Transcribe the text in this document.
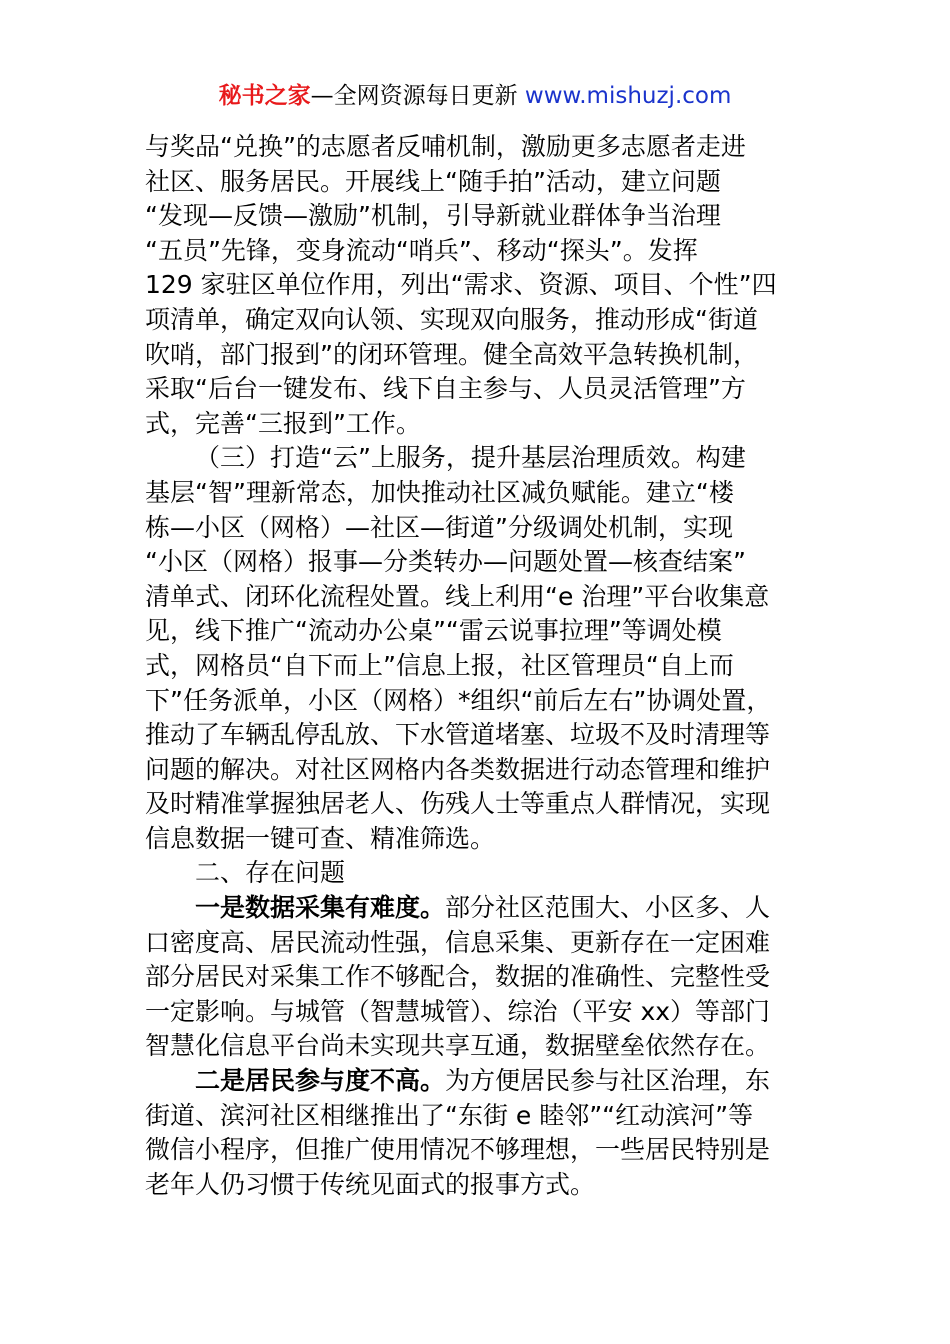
秘书之家—全网资源每日更新 www.mishuzj.com
与奖品“兑换”的志愿者反哺机制，激励更多志愿者走进
社区、服务居民。开展线上“随手拍”活动，建立问题
“发现—反馈—激励”机制，引导新就业群体争当治理
“五员”先锋，变身流动“哨兵”、移动“探头”。发挥
129 家驻区单位作用，列出“需求、资源、项目、个性”四
项清单，确定双向认领、实现双向服务，推动形成“街道
吹哨，部门报到”的闭环管理。健全高效平急转换机制，
采取“后台一键发布、线下自主参与、人员灵活管理”方
式，完善“三报到”工作。
（三）打造“云”上服务，提升基层治理质效。构建
基层“智”理新常态，加快推动社区减负赋能。建立“楼
栋—小区（网格）—社区—街道”分级调处机制，实现
“小区（网格）报事—分类转办—问题处置—核查结案”
清单式、闭环化流程处置。线上利用“e 治理”平台收集意
见，线下推广“流动办公桌”“雷云说事拉理”等调处模
式，网格员“自下而上”信息上报，社区管理员“自上而
下”任务派单，小区（网格）*组织“前后左右”协调处置，
推动了车辆乱停乱放、下水管道堵塞、垃圾不及时清理等
问题的解决。对社区网格内各类数据进行动态管理和维护
及时精准掌握独居老人、伤残人士等重点人群情况，实现
信息数据一键可查、精准筛选。
二、存在问题
一是数据采集有难度。部分社区范围大、小区多、人
口密度高、居民流动性强，信息采集、更新存在一定困难
部分居民对采集工作不够配合，数据的准确性、完整性受
一定影响。与城管（智慧城管）、综治（平安 xx）等部门
智慧化信息平台尚未实现共享互通，数据壁垒依然存在。
二是居民参与度不高。为方便居民参与社区治理，东
街道、滨河社区相继推出了“东街 e 睦邻”“红动滨河”等
微信小程序，但推广使用情况不够理想，一些居民特别是
老年人仍习惯于传统见面式的报事方式。
